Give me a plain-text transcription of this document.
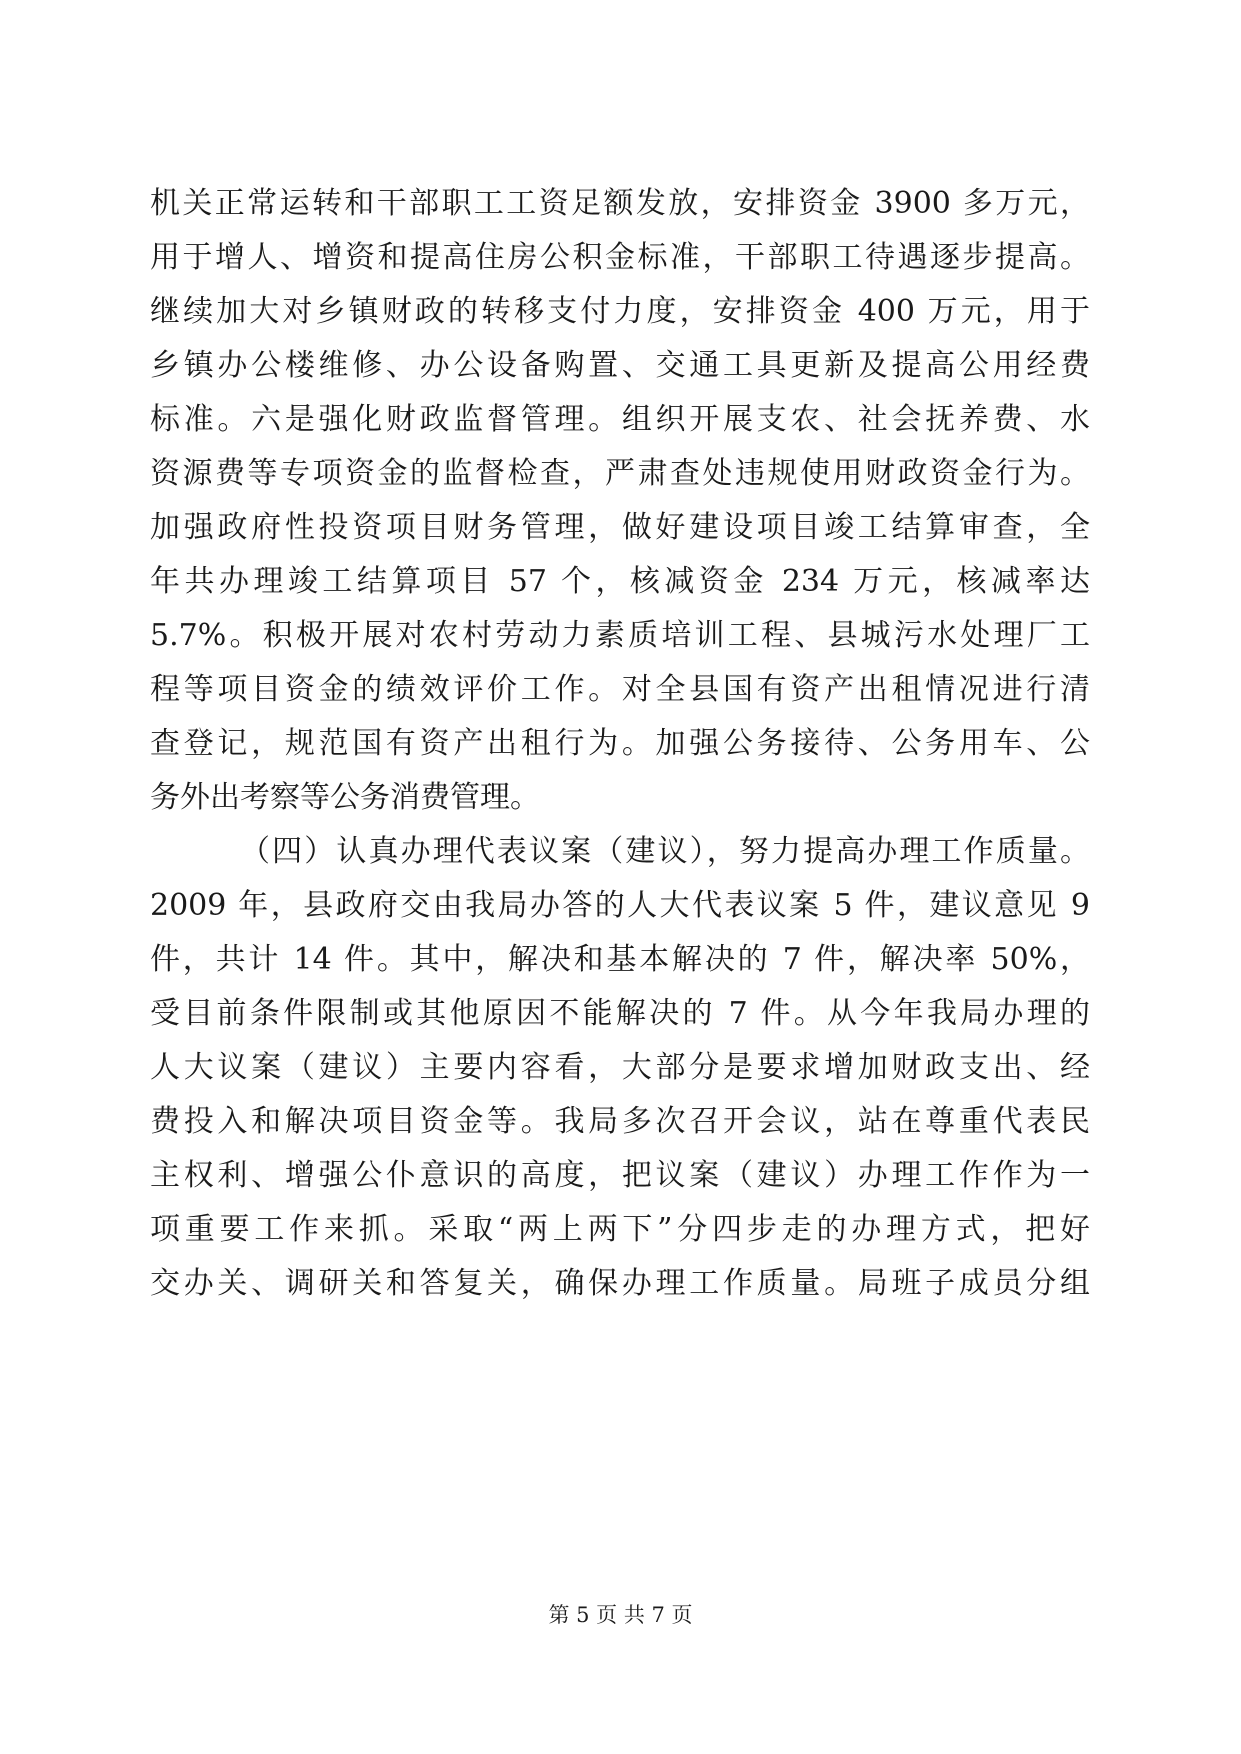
机关正常运转和干部职工工资足额发放，安排资金 3900 多万元，
用于增人、增资和提高住房公积金标准，干部职工待遇逐步提高。
继续加大对乡镇财政的转移支付力度，安排资金 400 万元，用于
乡镇办公楼维修、办公设备购置、交通工具更新及提高公用经费
标准。六是强化财政监督管理。组织开展支农、社会抚养费、水
资源费等专项资金的监督检查，严肃查处违规使用财政资金行为。
加强政府性投资项目财务管理，做好建设项目竣工结算审查，全
年共办理竣工结算项目 57 个，核减资金 234 万元，核减率达
5.7%。积极开展对农村劳动力素质培训工程、县城污水处理厂工
程等项目资金的绩效评价工作。对全县国有资产出租情况进行清
查登记，规范国有资产出租行为。加强公务接待、公务用车、公
务外出考察等公务消费管理。
（四）认真办理代表议案（建议），努力提高办理工作质量。
2009 年，县政府交由我局办答的人大代表议案 5 件，建议意见 9
件，共计 14 件。其中，解决和基本解决的 7 件，解决率 50%，
受目前条件限制或其他原因不能解决的 7 件。从今年我局办理的
人大议案（建议）主要内容看，大部分是要求增加财政支出、经
费投入和解决项目资金等。我局多次召开会议，站在尊重代表民
主权利、增强公仆意识的高度，把议案（建议）办理工作作为一
项重要工作来抓。采取“两上两下”分四步走的办理方式，把好
交办关、调研关和答复关，确保办理工作质量。局班子成员分组
第 5 页 共 7 页
